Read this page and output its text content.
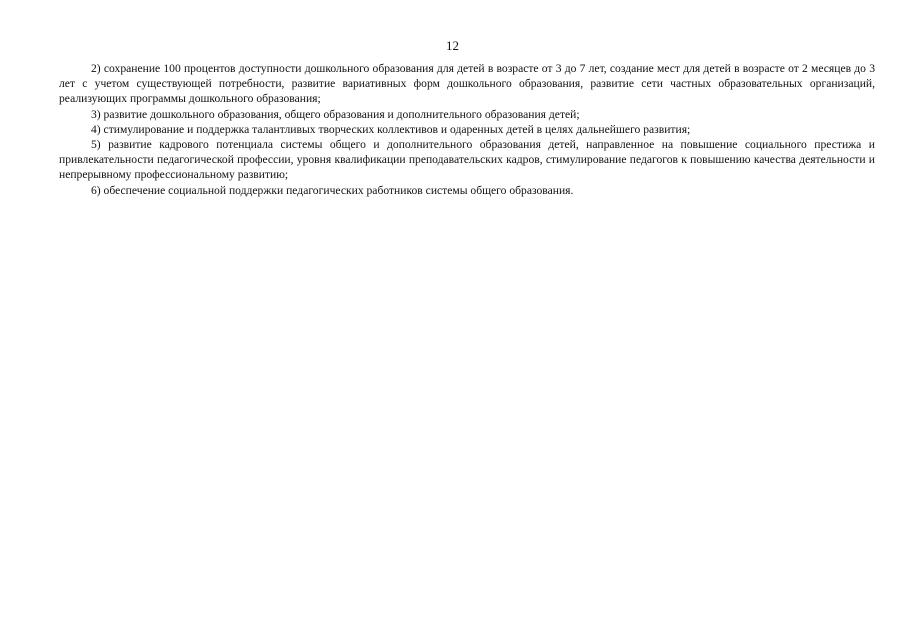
12

2) сохранение 100 процентов доступности дошкольного образования для детей в возрасте от 3 до 7 лет, создание мест для детей в возрасте от 2 месяцев до 3 лет с учетом существующей потребности, развитие вариативных форм дошкольного образования, развитие сети частных образовательных организаций, реализующих программы дошкольного образования;

3) развитие дошкольного образования, общего образования и дополнительного образования детей;

4) стимулирование и поддержка талантливых творческих коллективов и одаренных детей в целях дальнейшего развития;

5) развитие кадрового потенциала системы общего и дополнительного образования детей, направленное на повышение социального престижа и привлекательности педагогической профессии, уровня квалификации преподавательских кадров, стимулирование педагогов к повышению качества деятельности и непрерывному профессиональному развитию;

6) обеспечение социальной поддержки педагогических работников системы общего образования.
